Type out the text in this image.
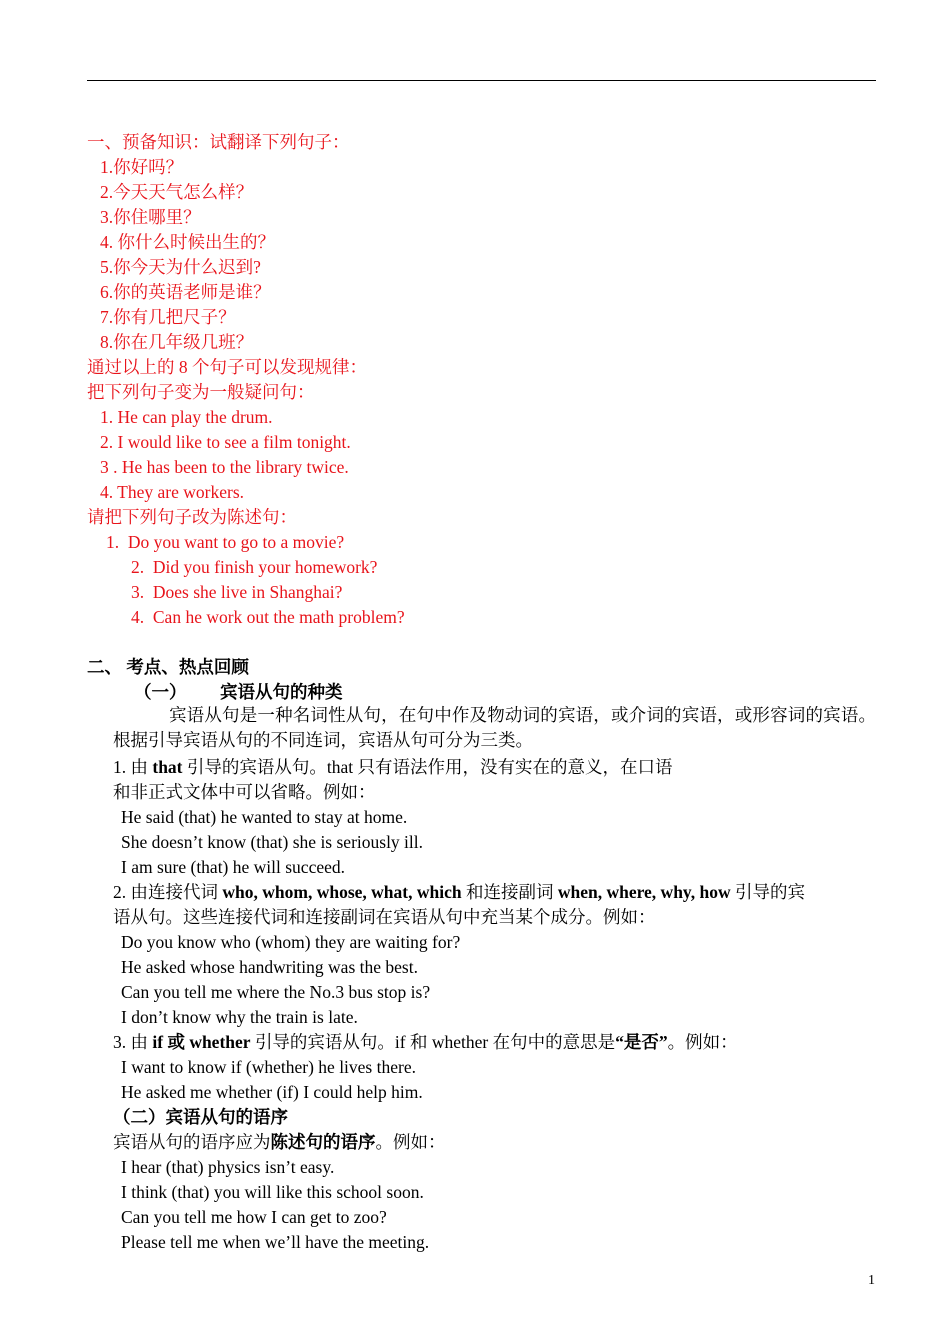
一、预备知识：试翻译下列句子：
1.你好吗？
2.今天天气怎么样？
3.你住哪里？
4. 你什么时候出生的？
5.你今天为什么迟到?
6.你的英语老师是谁？
7.你有几把尺子？
8.你在几年级几班？
通过以上的 8 个句子可以发现规律：
把下列句子变为一般疑问句：
1. He can play the drum.
2. I would like to see a film tonight.
3 . He has been to the library twice.
4. They are workers.
请把下列句子改为陈述句：
1.  Do you want to go to a movie?
2.  Did you finish your homework?
3.  Does she live in Shanghai?
4.  Can he work out the math problem?
二、 考点、热点回顾
（一） 宾语从句的种类
宾语从句是一种名词性从句，在句中作及物动词的宾语，或介词的宾语，或形容词的宾语。根据引导宾语从句的不同连词，宾语从句可分为三类。
1. 由 that 引导的宾语从句。that 只有语法作用，没有实在的意义，在口语
和非正式文体中可以省略。例如：
He said (that) he wanted to stay at home.
She doesn’t know (that) she is seriously ill.
I am sure (that) he will succeed.
2. 由连接代词 who, whom, whose, what, which 和连接副词 when, where, why, how 引导的宾
语从句。这些连接代词和连接副词在宾语从句中充当某个成分。例如：
Do you know who (whom) they are waiting for?
He asked whose handwriting was the best.
Can you tell me where the No.3 bus stop is?
I don’t know why the train is late.
3. 由 if 或 whether 引导的宾语从句。if 和 whether 在句中的意思是“是否”。例如：
I want to know if (whether) he lives there.
He asked me whether (if) I could help him.
（二）宾语从句的语序
宾语从句的语序应为陈述句的语序。例如：
I hear (that) physics isn’t easy.
I think (that) you will like this school soon.
Can you tell me how I can get to zoo?
Please tell me when we’ll have the meeting.
1
